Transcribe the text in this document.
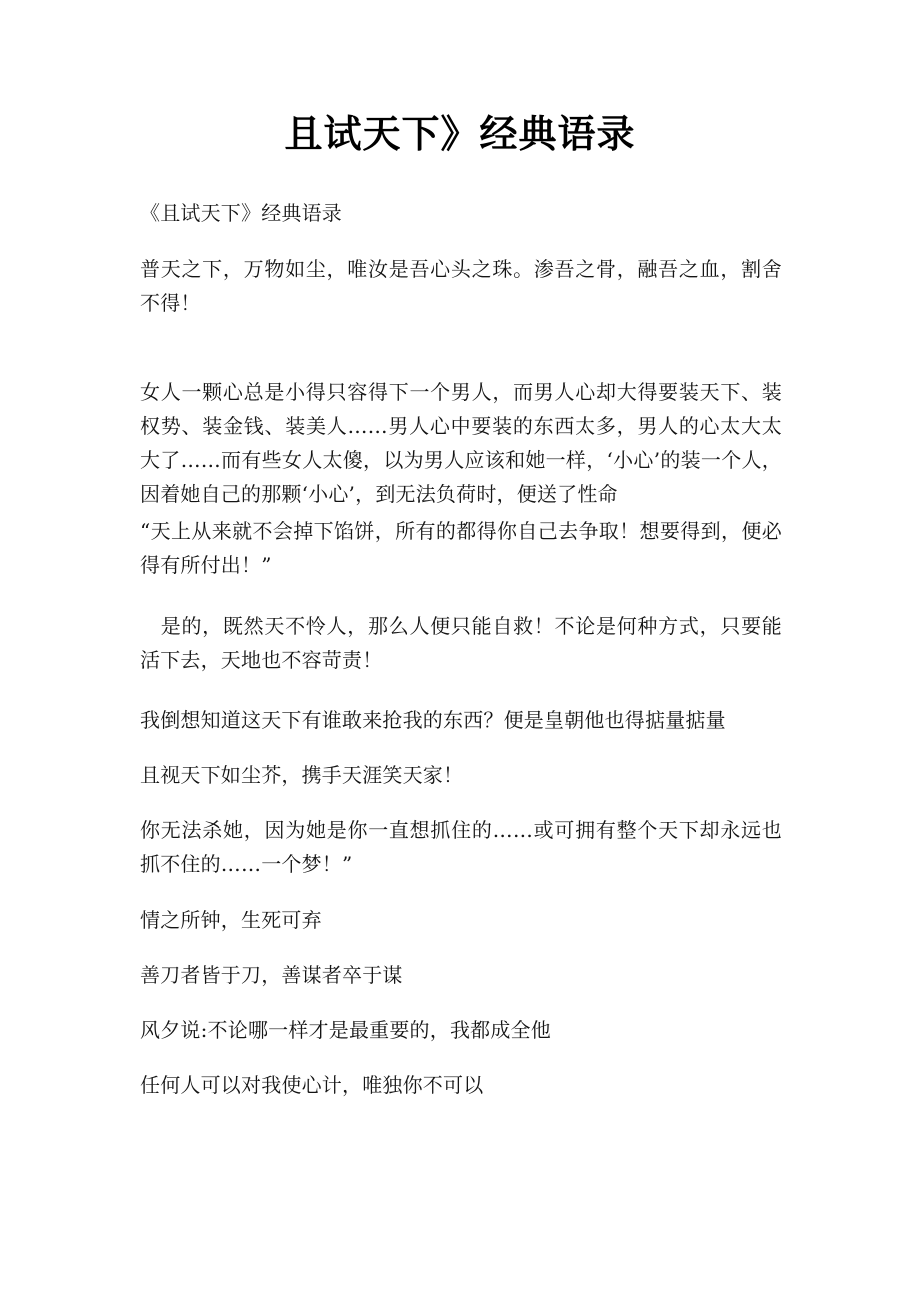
且试天下》经典语录

《且试天下》经典语录

普天之下，万物如尘，唯汝是吾心头之珠。渗吾之骨，融吾之血，割舍不得！

女人一颗心总是小得只容得下一个男人，而男人心却大得要装天下、装权势、装金钱、装美人……男人心中要装的东西太多，男人的心太大太大了……而有些女人太傻，以为男人应该和她一样，‘小心’的装一个人，因着她自己的那颗‘小心’，到无法负荷时，便送了性命

“天上从来就不会掉下馅饼，所有的都得你自己去争取！想要得到，便必得有所付出！”

　是的，既然天不怜人，那么人便只能自救！不论是何种方式，只要能活下去，天地也不容苛责！

我倒想知道这天下有谁敢来抢我的东西？便是皇朝他也得掂量掂量

且视天下如尘芥，携手天涯笑天家！

你无法杀她，因为她是你一直想抓住的……或可拥有整个天下却永远也抓不住的……一个梦！”

情之所钟，生死可弃

善刀者皆于刀，善谋者卒于谋

风夕说:不论哪一样才是最重要的，我都成全他

任何人可以对我使心计，唯独你不可以
